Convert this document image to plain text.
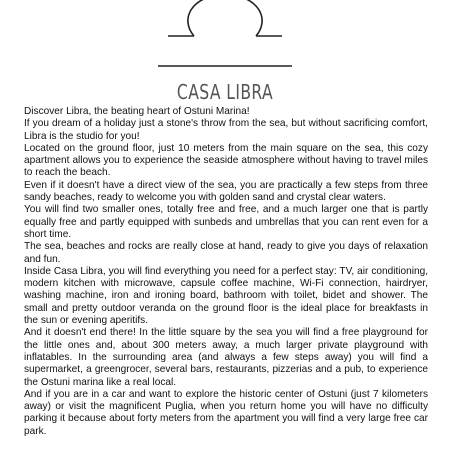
CASA LIBRA

Discover Libra, the beating heart of Ostuni Marina!

If you dream of a holiday just a stone's throw from the sea, but without sacrificing comfort, Libra is the studio for you!

Located on the ground floor, just 10 meters from the main square on the sea, this cozy apartment allows you to experience the seaside atmosphere without having to travel miles to reach the beach.

Even if it doesn't have a direct view of the sea, you are practically a few steps from three sandy beaches, ready to welcome you with golden sand and crystal clear waters.

You will find two smaller ones, totally free and free, and a much larger one that is partly equally free and partly equipped with sunbeds and umbrellas that you can rent even for a short time.

The sea, beaches and rocks are really close at hand, ready to give you days of relaxation and fun.

Inside Casa Libra, you will find everything you need for a perfect stay: TV, air conditioning, modern kitchen with microwave, capsule coffee machine, Wi-Fi connection, hairdryer, washing machine, iron and ironing board, bathroom with toilet, bidet and shower. The small and pretty outdoor veranda on the ground floor is the ideal place for breakfasts in the sun or evening aperitifs.

And it doesn't end there! In the little square by the sea you will find a free playground for the little ones and, about 300 meters away, a much larger private playground with inflatables. In the surrounding area (and always a few steps away) you will find a supermarket, a greengrocer, several bars, restaurants, pizzerias and a pub, to experience the Ostuni marina like a real local.

And if you are in a car and want to explore the historic center of Ostuni (just 7 kilometers away) or visit the magnificent Puglia, when you return home you will have no difficulty parking it because about forty meters from the apartment you will find a very large free car park.
